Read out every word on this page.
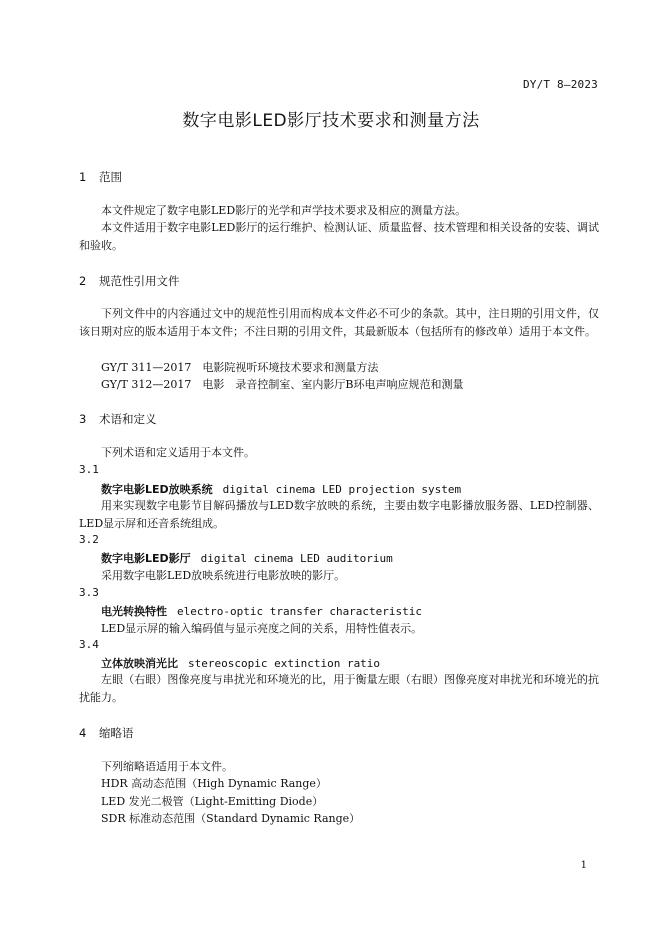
DY/T 8—2023
数字电影LED影厅技术要求和测量方法
1 范围
本文件规定了数字电影LED影厅的光学和声学技术要求及相应的测量方法。
本文件适用于数字电影LED影厅的运行维护、检测认证、质量监督、技术管理和相关设备的安装、调试和验收。
2 规范性引用文件
下列文件中的内容通过文中的规范性引用而构成本文件必不可少的条款。其中，注日期的引用文件，仅该日期对应的版本适用于本文件；不注日期的引用文件，其最新版本（包括所有的修改单）适用于本文件。
GY/T 311—2017　电影院视听环境技术要求和测量方法
GY/T 312—2017　电影　录音控制室、室内影厅B环电声响应规范和测量
3 术语和定义
下列术语和定义适用于本文件。
3.1
数字电影LED放映系统 digital cinema LED projection system
用来实现数字电影节目解码播放与LED数字放映的系统，主要由数字电影播放服务器、LED控制器、LED显示屏和还音系统组成。
3.2
数字电影LED影厅 digital cinema LED auditorium
采用数字电影LED放映系统进行电影放映的影厅。
3.3
电光转换特性 electro-optic transfer characteristic
LED显示屏的输入编码值与显示亮度之间的关系，用特性值表示。
3.4
立体放映消光比 stereoscopic extinction ratio
左眼（右眼）图像亮度与串扰光和环境光的比，用于衡量左眼（右眼）图像亮度对串扰光和环境光的抗扰能力。
4 缩略语
下列缩略语适用于本文件。
HDR 高动态范围（High Dynamic Range）
LED 发光二极管（Light-Emitting Diode）
SDR 标准动态范围（Standard Dynamic Range）
1
